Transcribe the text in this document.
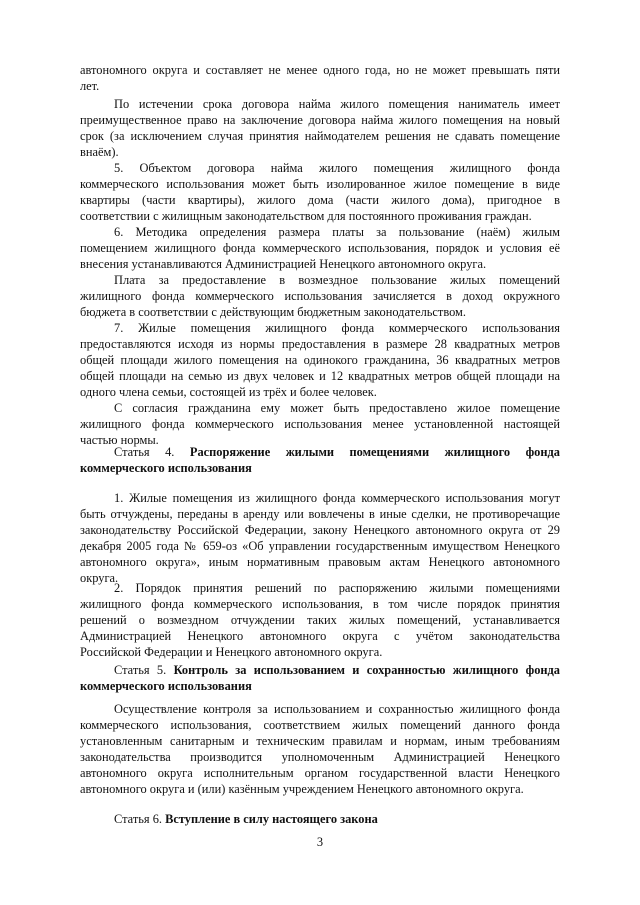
автономного округа и составляет не менее одного года, но не может превышать пяти
лет.
По истечении срока договора найма жилого помещения наниматель имеет
преимущественное право на заключение договора найма жилого помещения на новый
срок (за исключением случая принятия наймодателем решения не сдавать помещение
внаём).
5. Объектом договора найма жилого помещения жилищного фонда
коммерческого использования может быть изолированное жилое помещение в виде
квартиры (части квартиры), жилого дома (части жилого дома), пригодное в
соответствии с жилищным законодательством для постоянного проживания граждан.
6. Методика определения размера платы за пользование (наём) жилым
помещением жилищного фонда коммерческого использования, порядок и условия её
внесения устанавливаются Администрацией Ненецкого автономного округа.
Плата за предоставление в возмездное пользование жилых помещений
жилищного фонда коммерческого использования зачисляется в доход окружного
бюджета в соответствии с действующим бюджетным законодательством.
7. Жилые помещения жилищного фонда коммерческого использования
предоставляются исходя из нормы предоставления в размере 28 квадратных метров
общей площади жилого помещения на одинокого гражданина, 36 квадратных метров
общей площади на семью из двух человек и 12 квадратных метров общей площади на
одного члена семьи, состоящей из трёх и более человек.
С согласия гражданина ему может быть предоставлено жилое помещение
жилищного фонда коммерческого использования менее установленной настоящей
частью нормы.
Статья 4. Распоряжение жилыми помещениями жилищного фонда
коммерческого использования
1. Жилые помещения из жилищного фонда коммерческого использования могут
быть отчуждены, переданы в аренду или вовлечены в иные сделки, не противоречащие
законодательству Российской Федерации, закону Ненецкого автономного округа от 29
декабря 2005 года № 659-оз «Об управлении государственным имуществом Ненецкого
автономного округа», иным нормативным правовым актам Ненецкого автономного
округа.
2. Порядок принятия решений по распоряжению жилыми помещениями
жилищного фонда коммерческого использования, в том числе порядок принятия
решений о возмездном отчуждении таких жилых помещений, устанавливается
Администрацией Ненецкого автономного округа с учётом законодательства
Российской Федерации и Ненецкого автономного округа.
Статья 5. Контроль за использованием и сохранностью жилищного фонда
коммерческого использования
3
Осуществление контроля за использованием и сохранностью жилищного фонда
коммерческого использования, соответствием жилых помещений данного фонда
установленным санитарным и техническим правилам и нормам, иным требованиям
законодательства производится уполномоченным Администрацией Ненецкого
автономного округа исполнительным органом государственной власти Ненецкого
автономного округа и (или) казённым учреждением Ненецкого автономного округа.
Статья 6. Вступление в силу настоящего закона
